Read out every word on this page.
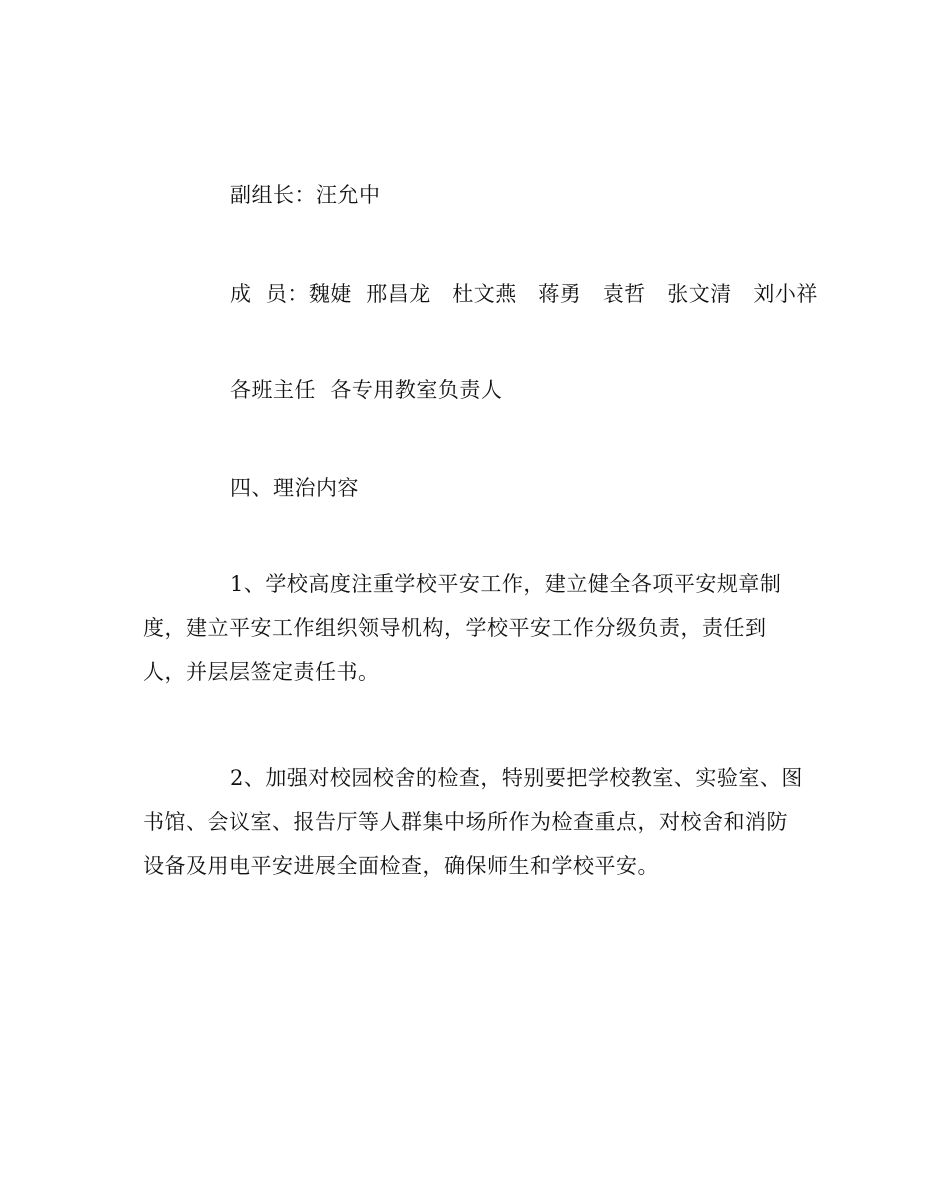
副组长：汪允中
成  员：魏婕  邢昌龙   杜文燕   蒋勇   袁哲   张文清   刘小祥
各班主任  各专用教室负责人
四、理治内容
1、学校高度注重学校平安工作，建立健全各项平安规章制
度，建立平安工作组织领导机构，学校平安工作分级负责，责任到
人，并层层签定责任书。
2、加强对校园校舍的检查，特别要把学校教室、实验室、图
书馆、会议室、报告厅等人群集中场所作为检查重点，对校舍和消防
设备及用电平安进展全面检查，确保师生和学校平安。
